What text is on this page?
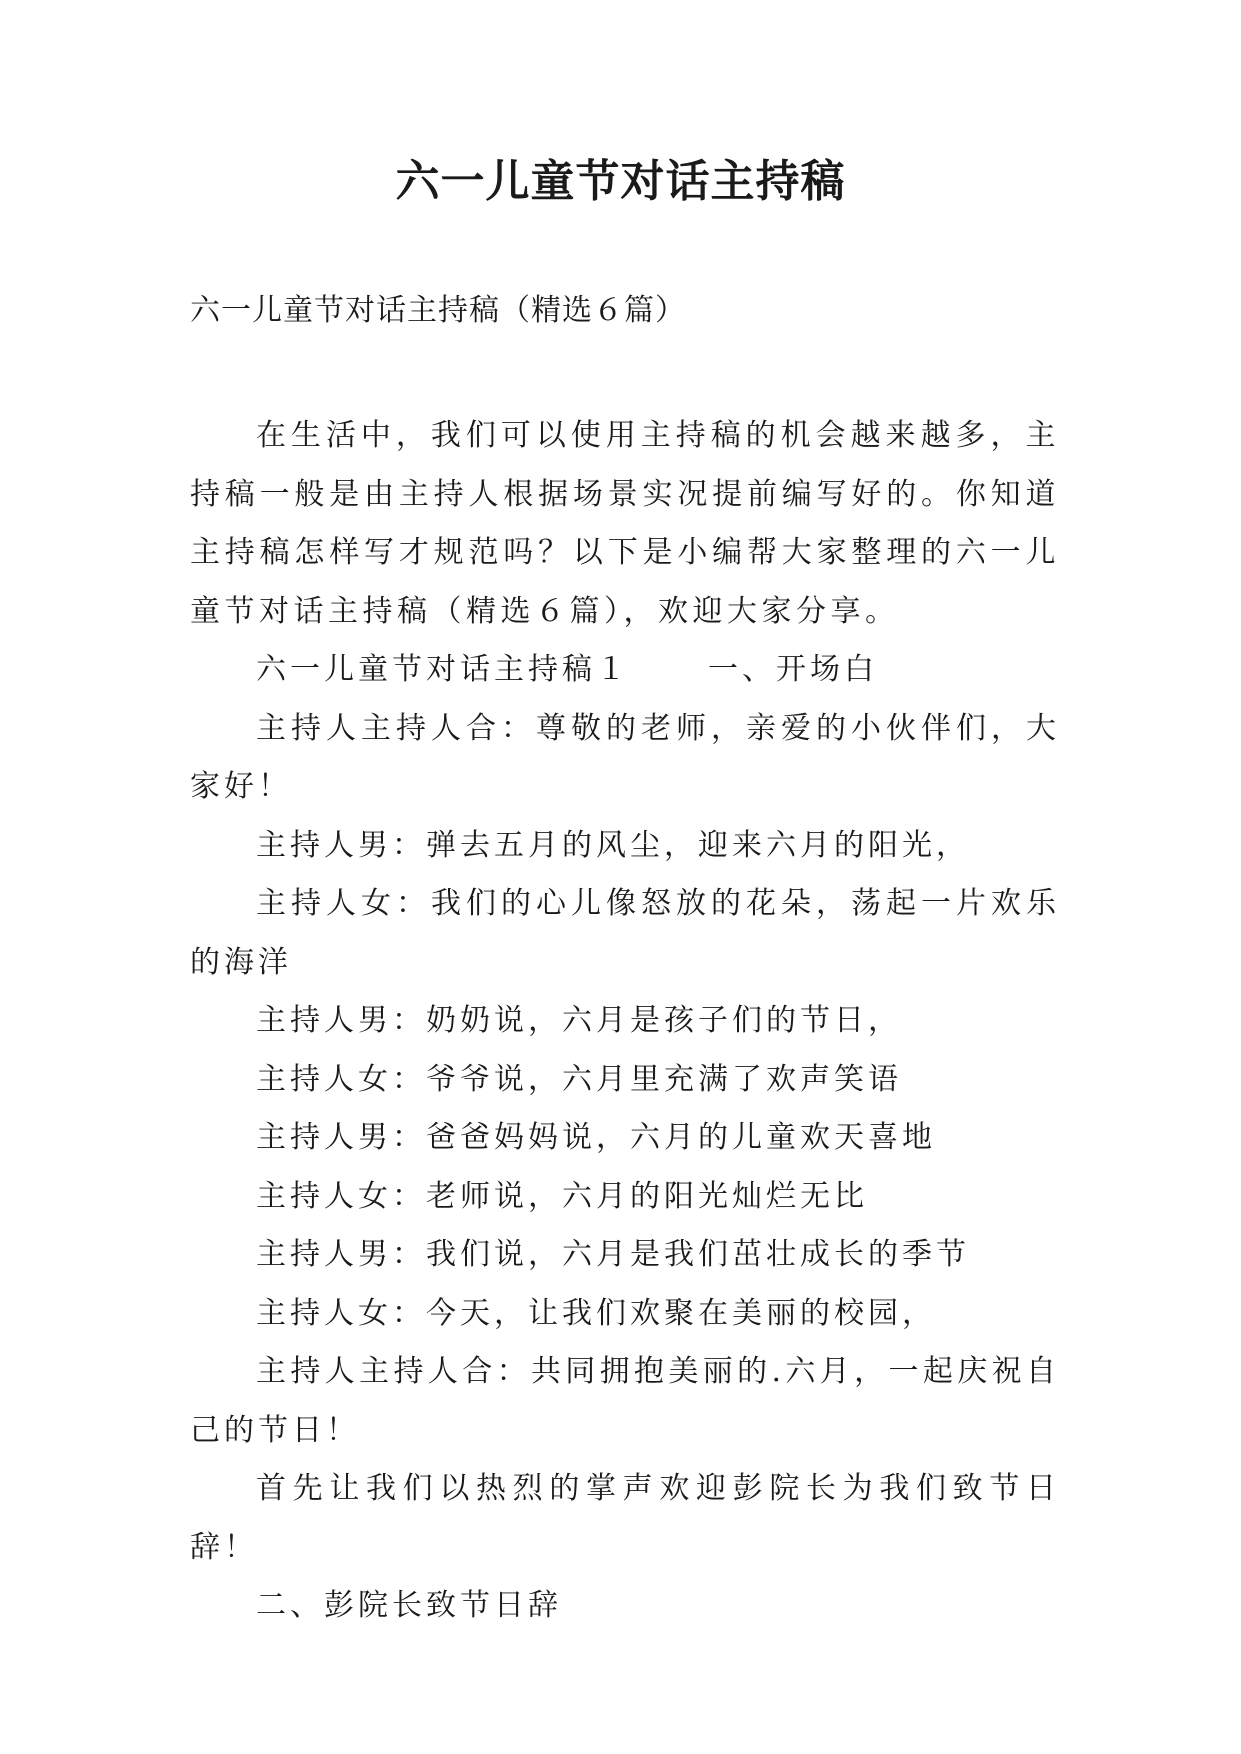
六一儿童节对话主持稿
六一儿童节对话主持稿（精选６篇）

在生活中，我们可以使用主持稿的机会越来越多，主持稿一般是由主持人根据场景实况提前编写好的。你知道主持稿怎样写才规范吗？以下是小编帮大家整理的六一儿童节对话主持稿（精选６篇），欢迎大家分享。

六一儿童节对话主持稿１	一、开场白

主持人主持人合：尊敬的老师，亲爱的小伙伴们，大家好！

主持人男：弹去五月的风尘，迎来六月的阳光，

主持人女：我们的心儿像怒放的花朵，荡起一片欢乐的海洋

主持人男：奶奶说，六月是孩子们的节日，

主持人女：爷爷说，六月里充满了欢声笑语

主持人男：爸爸妈妈说，六月的儿童欢天喜地

主持人女：老师说，六月的阳光灿烂无比

主持人男：我们说，六月是我们茁壮成长的季节

主持人女：今天，让我们欢聚在美丽的校园，

主持人主持人合：共同拥抱美丽的.六月，一起庆祝自己的节日！

首先让我们以热烈的掌声欢迎彭院长为我们致节日辞！

二、彭院长致节日辞
